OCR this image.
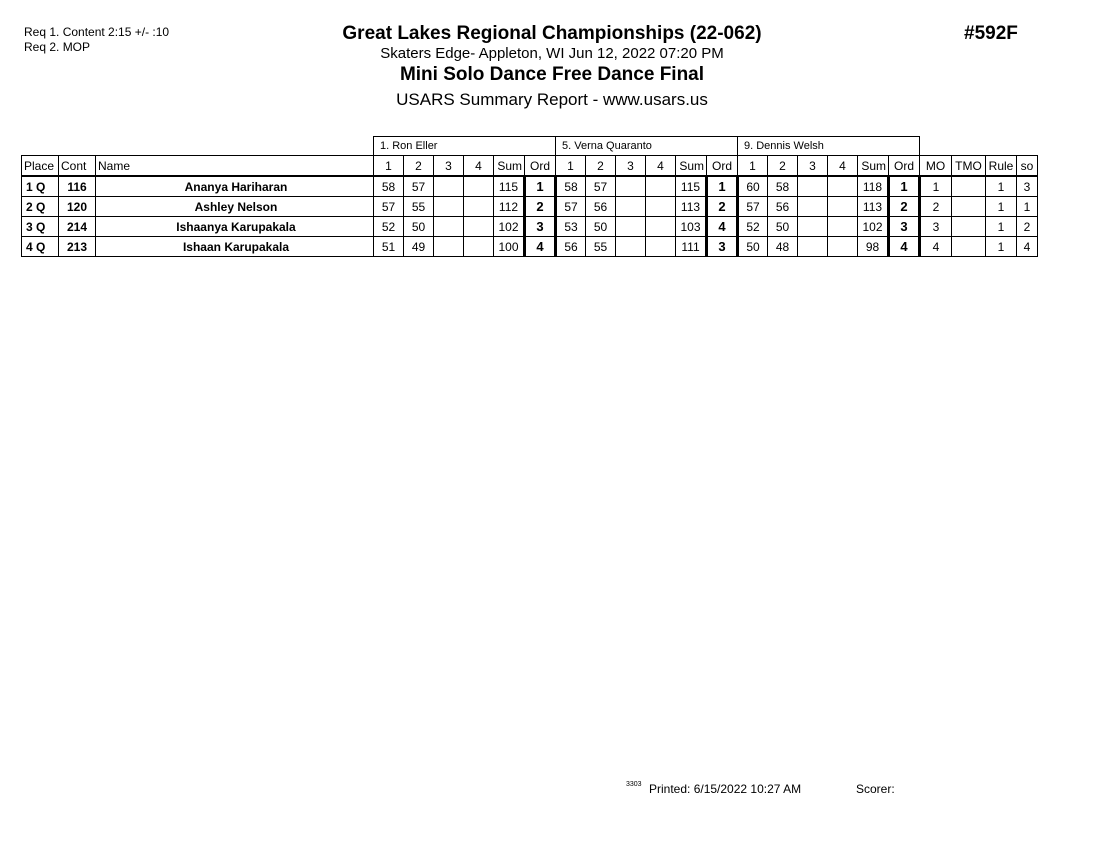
Req 1. Content 2:15 +/- :10
Req 2. MOP
Great Lakes Regional Championships (22-062)
Skaters Edge- Appleton, WI Jun 12, 2022 07:20 PM
Mini Solo Dance Free Dance Final
USARS Summary Report - www.usars.us
#592F
			1. Ron Eller						5. Verna Quaranto						9. Dennis Welsh									
Place	Cont	Name	1	2	3	4	Sum	Ord	1	2	3	4	Sum	Ord	1	2	3	4	Sum	Ord	MO	TMO	Rule	so
1 Q	116	Ananya Hariharan	58	57			115	1	58	57			115	1	60	58			118	1	1		1	3
2 Q	120	Ashley Nelson	57	55			112	2	57	56			113	2	57	56			113	2	2		1	1
3 Q	214	Ishaanya Karupakala	52	50			102	3	53	50			103	4	52	50			102	3	3		1	2
4 Q	213	Ishaan Karupakala	51	49			100	4	56	55			111	3	50	48			98	4	4		1	4
3303 Printed: 6/15/2022 10:27 AM	Scorer:
